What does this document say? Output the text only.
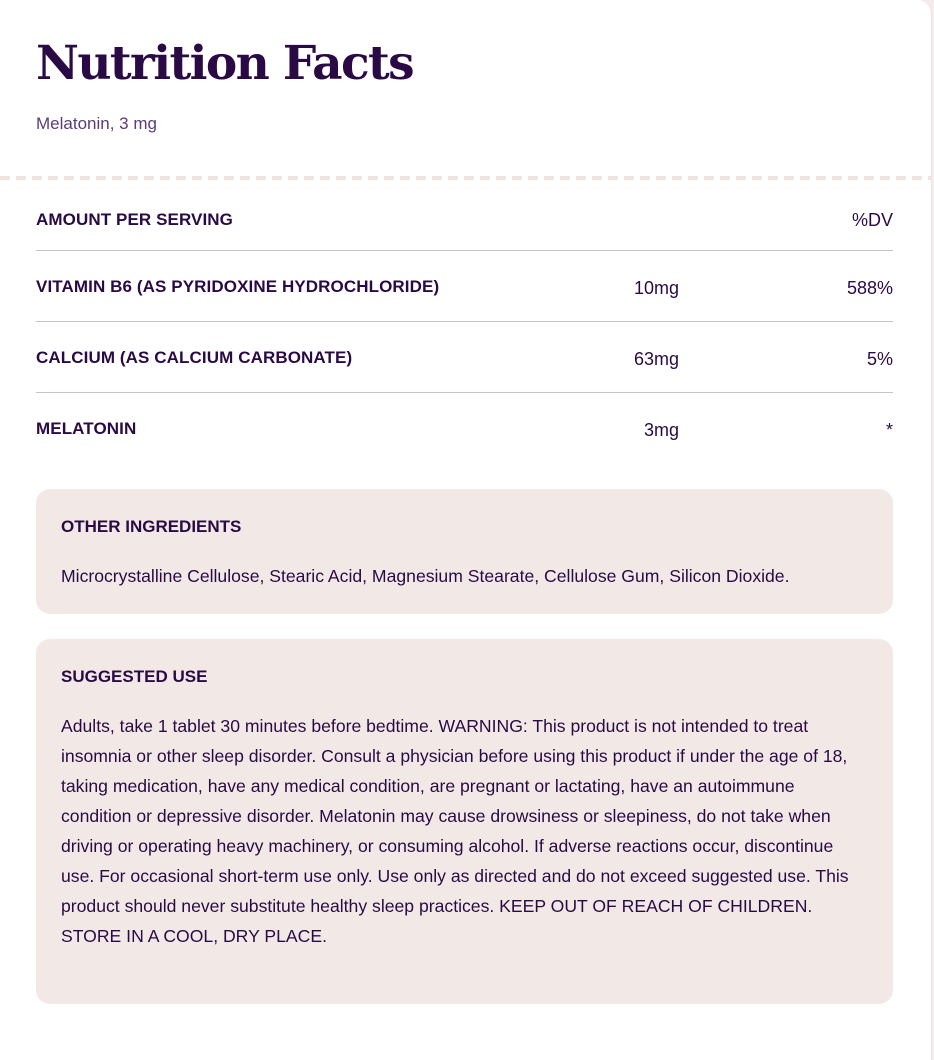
Nutrition Facts
Melatonin, 3 mg
AMOUNT PER SERVING	%DV
VITAMIN B6 (AS PYRIDOXINE HYDROCHLORIDE)	10mg	588%
CALCIUM (AS CALCIUM CARBONATE)	63mg	5%
MELATONIN	3mg	*
OTHER INGREDIENTS

Microcrystalline Cellulose, Stearic Acid, Magnesium Stearate, Cellulose Gum, Silicon Dioxide.

SUGGESTED USE

Adults, take 1 tablet 30 minutes before bedtime. WARNING: This product is not intended to treat insomnia or other sleep disorder. Consult a physician before using this product if under the age of 18, taking medication, have any medical condition, are pregnant or lactating, have an autoimmune condition or depressive disorder. Melatonin may cause drowsiness or sleepiness, do not take when driving or operating heavy machinery, or consuming alcohol. If adverse reactions occur, discontinue use. For occasional short-term use only. Use only as directed and do not exceed suggested use. This product should never substitute healthy sleep practices. KEEP OUT OF REACH OF CHILDREN. STORE IN A COOL, DRY PLACE.
